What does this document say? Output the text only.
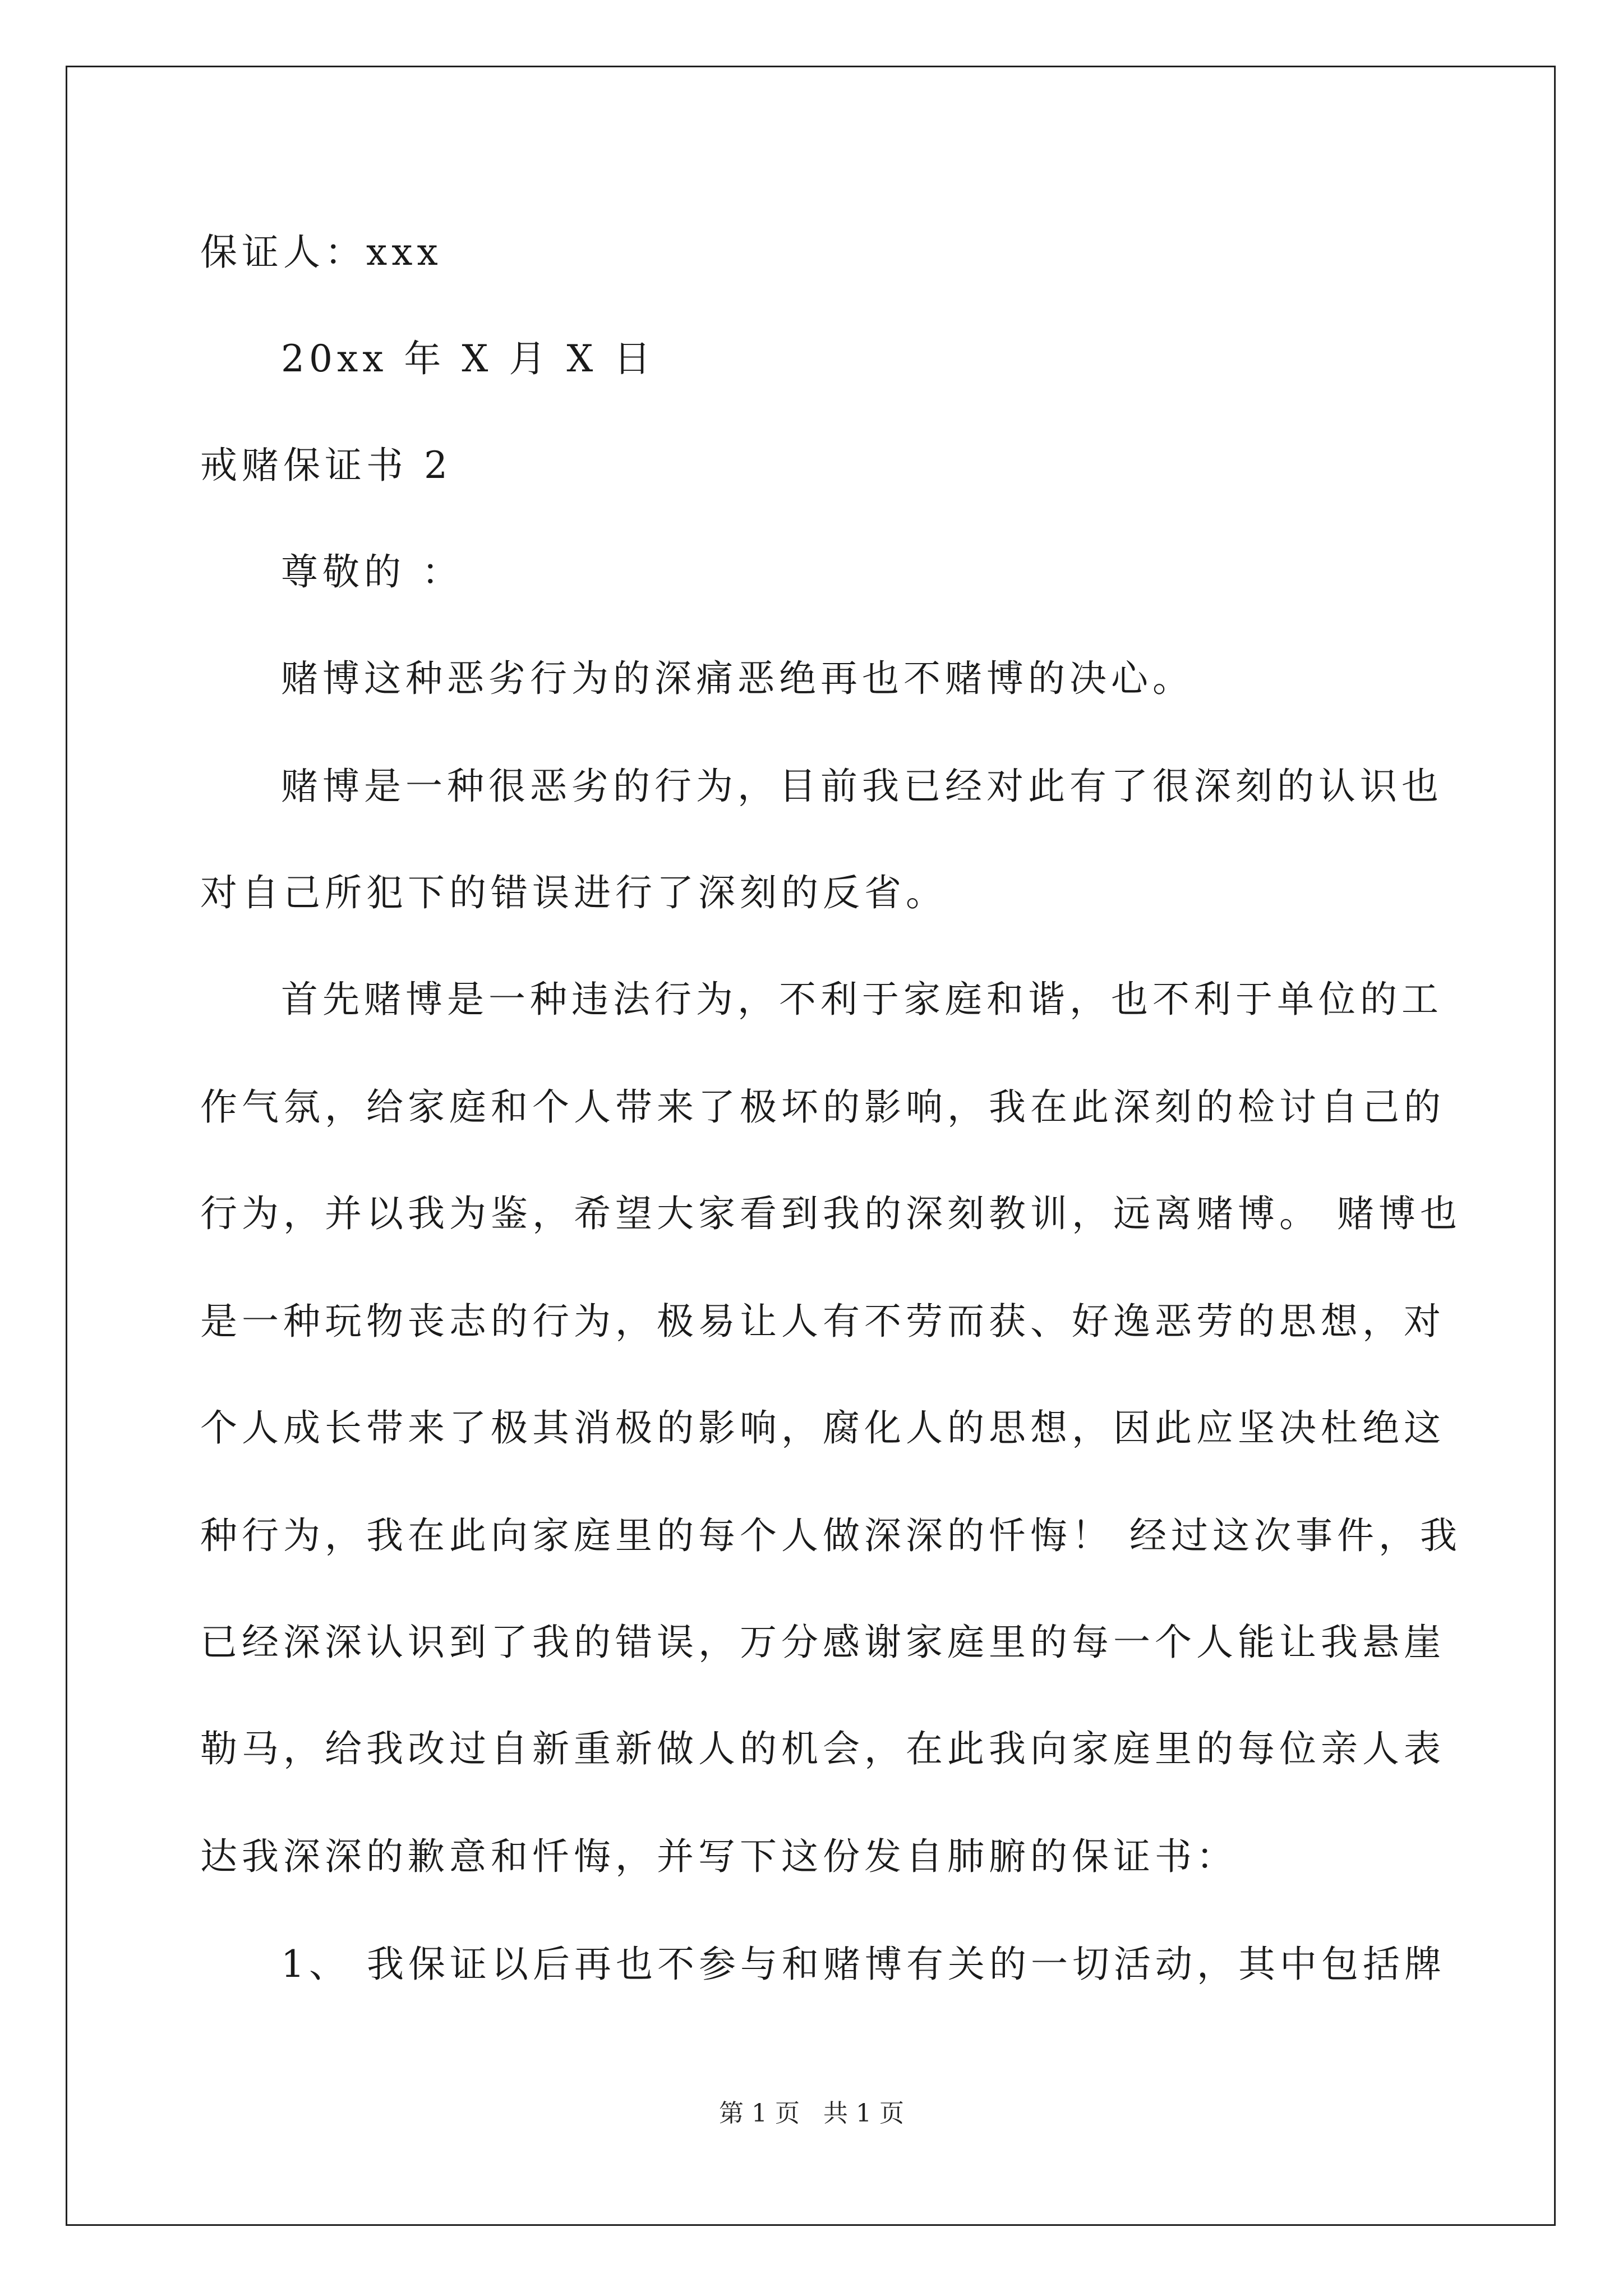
保证人：xxx
20xx 年 X 月 X 日
戒赌保证书 2
尊敬的 ：
赌博这种恶劣行为的深痛恶绝再也不赌博的决心。
赌博是一种很恶劣的行为，目前我已经对此有了很深刻的认识也
对自己所犯下的错误进行了深刻的反省。
首先赌博是一种违法行为，不利于家庭和谐，也不利于单位的工
作气氛，给家庭和个人带来了极坏的影响，我在此深刻的检讨自己的
行为，并以我为鉴，希望大家看到我的深刻教训，远离赌博。 赌博也
是一种玩物丧志的行为，极易让人有不劳而获、好逸恶劳的思想，对
个人成长带来了极其消极的影响，腐化人的思想，因此应坚决杜绝这
种行为，我在此向家庭里的每个人做深深的忏悔！ 经过这次事件，我
已经深深认识到了我的错误，万分感谢家庭里的每一个人能让我悬崖
勒马，给我改过自新重新做人的机会，在此我向家庭里的每位亲人表
达我深深的歉意和忏悔，并写下这份发自肺腑的保证书：
1、 我保证以后再也不参与和赌博有关的一切活动，其中包括牌
第 1 页 共 1 页
